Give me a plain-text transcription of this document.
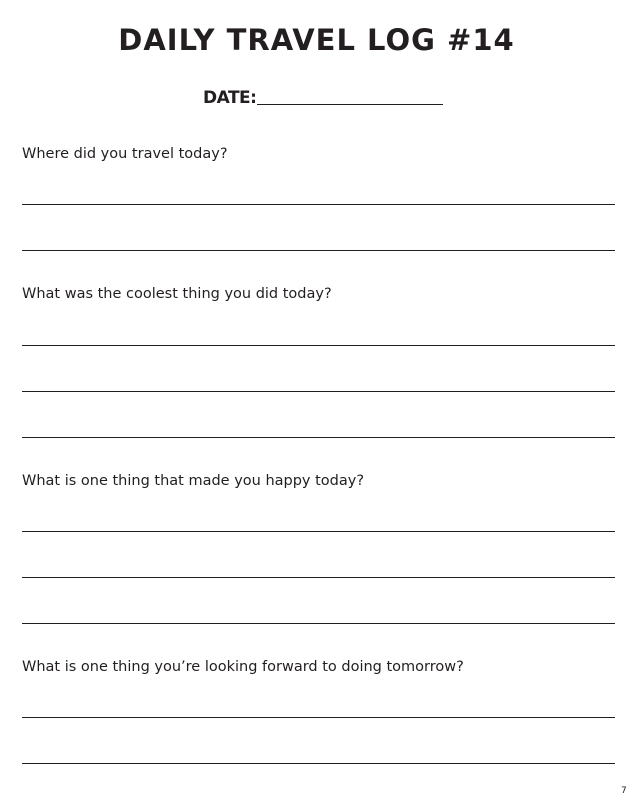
DAILY TRAVEL LOG #14
DATE:
Where did you travel today?
What was the coolest thing you did today?
What is one thing that made you happy today?
What is one thing you’re looking forward to doing tomorrow?
7
